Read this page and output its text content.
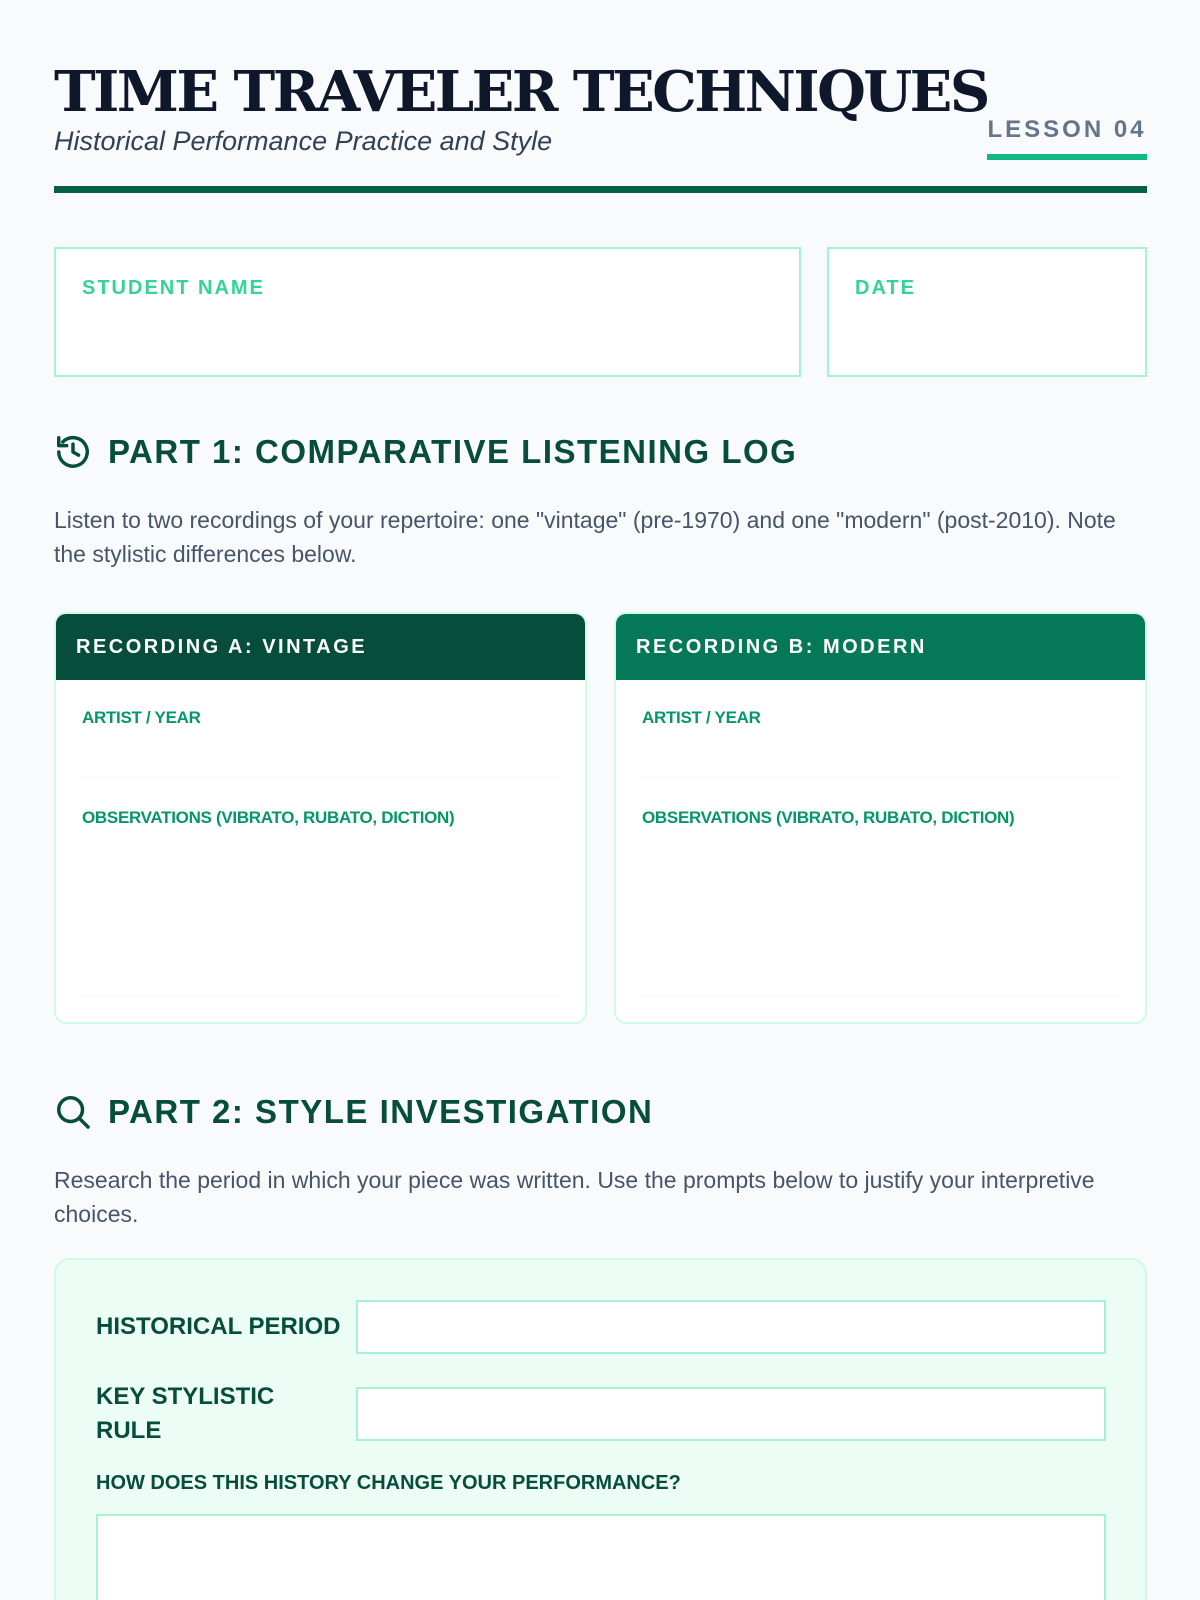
TIME TRAVELER TECHNIQUES
Historical Performance Practice and Style	LESSON 04
STUDENT NAME	DATE
PART 1: COMPARATIVE LISTENING LOG
Listen to two recordings of your repertoire: one "vintage" (pre-1970) and one "modern" (post-2010). Note the stylistic differences below.
RECORDING A: VINTAGE
ARTIST / YEAR
OBSERVATIONS (VIBRATO, RUBATO, DICTION)
RECORDING B: MODERN
ARTIST / YEAR
OBSERVATIONS (VIBRATO, RUBATO, DICTION)
PART 2: STYLE INVESTIGATION
Research the period in which your piece was written. Use the prompts below to justify your interpretive choices.
HISTORICAL PERIOD
KEY STYLISTIC
RULE
HOW DOES THIS HISTORY CHANGE YOUR PERFORMANCE?
